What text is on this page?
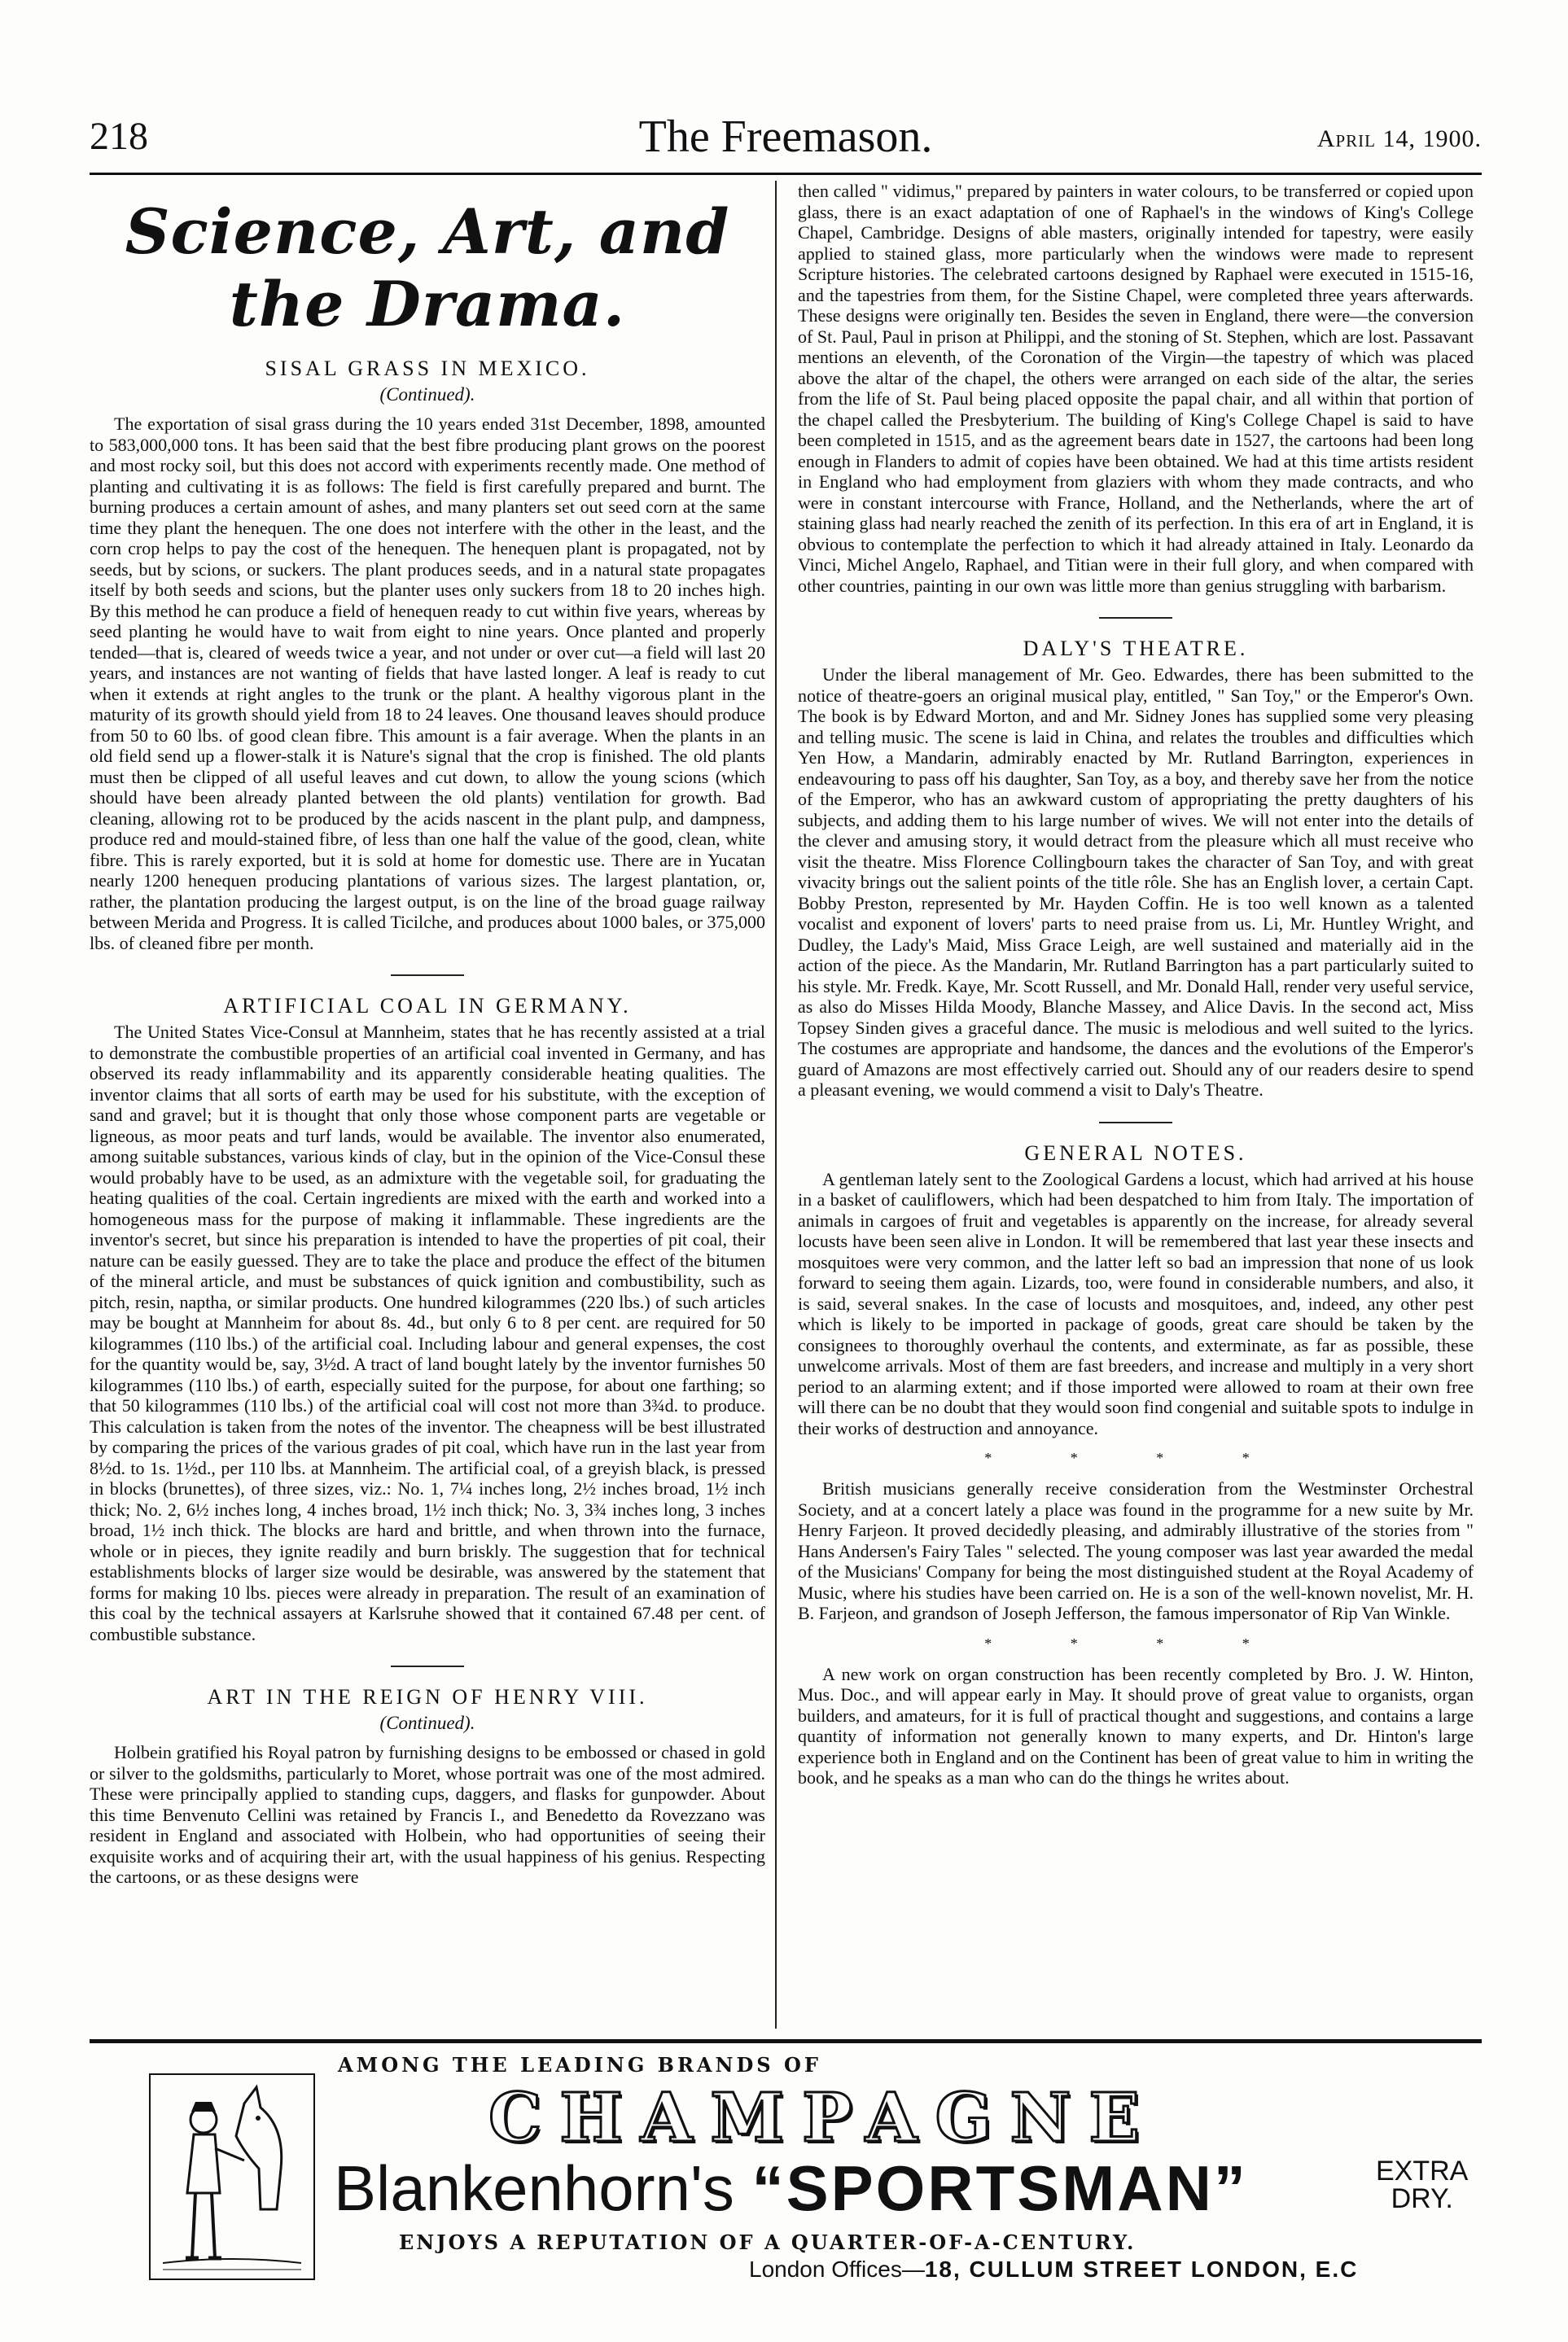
218	The Freemason.	April 14, 1900.
Science, Art, and the Drama.
SISAL GRASS IN MEXICO.
(Continued).

The exportation of sisal grass during the 10 years ended 31st December, 1898, amounted to 583,000,000 tons. It has been said that the best fibre producing plant grows on the poorest and most rocky soil, but this does not accord with experiments recently made. One method of planting and cultivating it is as follows: The field is first carefully prepared and burnt. The burning produces a certain amount of ashes, and many planters set out seed corn at the same time they plant the henequen. The one does not interfere with the other in the least, and the corn crop helps to pay the cost of the henequen. The henequen plant is propagated, not by seeds, but by scions, or suckers. The plant produces seeds, and in a natural state propagates itself by both seeds and scions, but the planter uses only suckers from 18 to 20 inches high. By this method he can produce a field of henequen ready to cut within five years, whereas by seed planting he would have to wait from eight to nine years. Once planted and properly tended—that is, cleared of weeds twice a year, and not under or over cut—a field will last 20 years, and instances are not wanting of fields that have lasted longer. A leaf is ready to cut when it extends at right angles to the trunk or the plant. A healthy vigorous plant in the maturity of its growth should yield from 18 to 24 leaves. One thousand leaves should produce from 50 to 60 lbs. of good clean fibre. This amount is a fair average. When the plants in an old field send up a flower-stalk it is Nature's signal that the crop is finished. The old plants must then be clipped of all useful leaves and cut down, to allow the young scions (which should have been already planted between the old plants) ventilation for growth. Bad cleaning, allowing rot to be produced by the acids nascent in the plant pulp, and dampness, produce red and mould-stained fibre, of less than one half the value of the good, clean, white fibre. This is rarely exported, but it is sold at home for domestic use. There are in Yucatan nearly 1200 henequen producing plantations of various sizes. The largest plantation, or, rather, the plantation producing the largest output, is on the line of the broad guage railway between Merida and Progress. It is called Ticilche, and produces about 1000 bales, or 375,000 lbs. of cleaned fibre per month.

ARTIFICIAL COAL IN GERMANY.

The United States Vice-Consul at Mannheim, states that he has recently assisted at a trial to demonstrate the combustible properties of an artificial coal invented in Germany, and has observed its ready inflammability and its apparently considerable heating qualities. The inventor claims that all sorts of earth may be used for his substitute, with the exception of sand and gravel; but it is thought that only those whose component parts are vegetable or ligneous, as moor peats and turf lands, would be available. The inventor also enumerated, among suitable substances, various kinds of clay, but in the opinion of the Vice-Consul these would probably have to be used, as an admixture with the vegetable soil, for graduating the heating qualities of the coal. Certain ingredients are mixed with the earth and worked into a homogeneous mass for the purpose of making it inflammable. These ingredients are the inventor's secret, but since his preparation is intended to have the properties of pit coal, their nature can be easily guessed. They are to take the place and produce the effect of the bitumen of the mineral article, and must be substances of quick ignition and combustibility, such as pitch, resin, naptha, or similar products. One hundred kilogrammes (220 lbs.) of such articles may be bought at Mannheim for about 8s. 4d., but only 6 to 8 per cent. are required for 50 kilogrammes (110 lbs.) of the artificial coal. Including labour and general expenses, the cost for the quantity would be, say, 3½d. A tract of land bought lately by the inventor furnishes 50 kilogrammes (110 lbs.) of earth, especially suited for the purpose, for about one farthing; so that 50 kilogrammes (110 lbs.) of the artificial coal will cost not more than 3¾d. to produce. This calculation is taken from the notes of the inventor. The cheapness will be best illustrated by comparing the prices of the various grades of pit coal, which have run in the last year from 8½d. to 1s. 1½d., per 110 lbs. at Mannheim. The artificial coal, of a greyish black, is pressed in blocks (brunettes), of three sizes, viz.: No. 1, 7¼ inches long, 2½ inches broad, 1½ inch thick; No. 2, 6½ inches long, 4 inches broad, 1½ inch thick; No. 3, 3¾ inches long, 3 inches broad, 1½ inch thick. The blocks are hard and brittle, and when thrown into the furnace, whole or in pieces, they ignite readily and burn briskly. The suggestion that for technical establishments blocks of larger size would be desirable, was answered by the statement that forms for making 10 lbs. pieces were already in preparation. The result of an examination of this coal by the technical assayers at Karlsruhe showed that it contained 67.48 per cent. of combustible substance.

ART IN THE REIGN OF HENRY VIII.
(Continued).

Holbein gratified his Royal patron by furnishing designs to be embossed or chased in gold or silver to the goldsmiths, particularly to Moret, whose portrait was one of the most admired. These were principally applied to standing cups, daggers, and flasks for gunpowder. About this time Benvenuto Cellini was retained by Francis I., and Benedetto da Rovezzano was resident in England and associated with Holbein, who had opportunities of seeing their exquisite works and of acquiring their art, with the usual happiness of his genius. Respecting the cartoons, or as these designs were

then called " vidimus," prepared by painters in water colours, to be transferred or copied upon glass, there is an exact adaptation of one of Raphael's in the windows of King's College Chapel, Cambridge. Designs of able masters, originally intended for tapestry, were easily applied to stained glass, more particularly when the windows were made to represent Scripture histories. The celebrated cartoons designed by Raphael were executed in 1515-16, and the tapestries from them, for the Sistine Chapel, were completed three years afterwards. These designs were originally ten. Besides the seven in England, there were—the conversion of St. Paul, Paul in prison at Philippi, and the stoning of St. Stephen, which are lost. Passavant mentions an eleventh, of the Coronation of the Virgin—the tapestry of which was placed above the altar of the chapel, the others were arranged on each side of the altar, the series from the life of St. Paul being placed opposite the papal chair, and all within that portion of the chapel called the Presbyterium. The building of King's College Chapel is said to have been completed in 1515, and as the agreement bears date in 1527, the cartoons had been long enough in Flanders to admit of copies have been obtained. We had at this time artists resident in England who had employment from glaziers with whom they made contracts, and who were in constant intercourse with France, Holland, and the Netherlands, where the art of staining glass had nearly reached the zenith of its perfection. In this era of art in England, it is obvious to contemplate the perfection to which it had already attained in Italy. Leonardo da Vinci, Michel Angelo, Raphael, and Titian were in their full glory, and when compared with other countries, painting in our own was little more than genius struggling with barbarism.

DALY'S THEATRE.

Under the liberal management of Mr. Geo. Edwardes, there has been submitted to the notice of theatre-goers an original musical play, entitled, " San Toy," or the Emperor's Own. The book is by Edward Morton, and and Mr. Sidney Jones has supplied some very pleasing and telling music. The scene is laid in China, and relates the troubles and difficulties which Yen How, a Mandarin, admirably enacted by Mr. Rutland Barrington, experiences in endeavouring to pass off his daughter, San Toy, as a boy, and thereby save her from the notice of the Emperor, who has an awkward custom of appropriating the pretty daughters of his subjects, and adding them to his large number of wives. We will not enter into the details of the clever and amusing story, it would detract from the pleasure which all must receive who visit the theatre. Miss Florence Collingbourn takes the character of San Toy, and with great vivacity brings out the salient points of the title rôle. She has an English lover, a certain Capt. Bobby Preston, represented by Mr. Hayden Coffin. He is too well known as a talented vocalist and exponent of lovers' parts to need praise from us. Li, Mr. Huntley Wright, and Dudley, the Lady's Maid, Miss Grace Leigh, are well sustained and materially aid in the action of the piece. As the Mandarin, Mr. Rutland Barrington has a part particularly suited to his style. Mr. Fredk. Kaye, Mr. Scott Russell, and Mr. Donald Hall, render very useful service, as also do Misses Hilda Moody, Blanche Massey, and Alice Davis. In the second act, Miss Topsey Sinden gives a graceful dance. The music is melodious and well suited to the lyrics. The costumes are appropriate and handsome, the dances and the evolutions of the Emperor's guard of Amazons are most effectively carried out. Should any of our readers desire to spend a pleasant evening, we would commend a visit to Daly's Theatre.

GENERAL NOTES.

A gentleman lately sent to the Zoological Gardens a locust, which had arrived at his house in a basket of cauliflowers, which had been despatched to him from Italy. The importation of animals in cargoes of fruit and vegetables is apparently on the increase, for already several locusts have been seen alive in London. It will be remembered that last year these insects and mosquitoes were very common, and the latter left so bad an impression that none of us look forward to seeing them again. Lizards, too, were found in considerable numbers, and also, it is said, several snakes. In the case of locusts and mosquitoes, and, indeed, any other pest which is likely to be imported in package of goods, great care should be taken by the consignees to thoroughly overhaul the contents, and exterminate, as far as possible, these unwelcome arrivals. Most of them are fast breeders, and increase and multiply in a very short period to an alarming extent; and if those imported were allowed to roam at their own free will there can be no doubt that they would soon find congenial and suitable spots to indulge in their works of destruction and annoyance.

* * * *

British musicians generally receive consideration from the Westminster Orchestral Society, and at a concert lately a place was found in the programme for a new suite by Mr. Henry Farjeon. It proved decidedly pleasing, and admirably illustrative of the stories from " Hans Andersen's Fairy Tales " selected. The young composer was last year awarded the medal of the Musicians' Company for being the most distinguished student at the Royal Academy of Music, where his studies have been carried on. He is a son of the well-known novelist, Mr. H. B. Farjeon, and grandson of Joseph Jefferson, the famous impersonator of Rip Van Winkle.

* * * *

A new work on organ construction has been recently completed by Bro. J. W. Hinton, Mus. Doc., and will appear early in May. It should prove of great value to organists, organ builders, and amateurs, for it is full of practical thought and suggestions, and contains a large quantity of information not generally known to many experts, and Dr. Hinton's large experience both in England and on the Continent has been of great value to him in writing the book, and he speaks as a man who can do the things he writes about.

AMONG THE LEADING BRANDS OF
CHAMPAGNE
Blankenhorn's “SPORTSMAN”	EXTRA
DRY.
ENJOYS A REPUTATION OF A QUARTER-OF-A-CENTURY.
London Offices—18, CULLUM STREET LONDON, E.C
